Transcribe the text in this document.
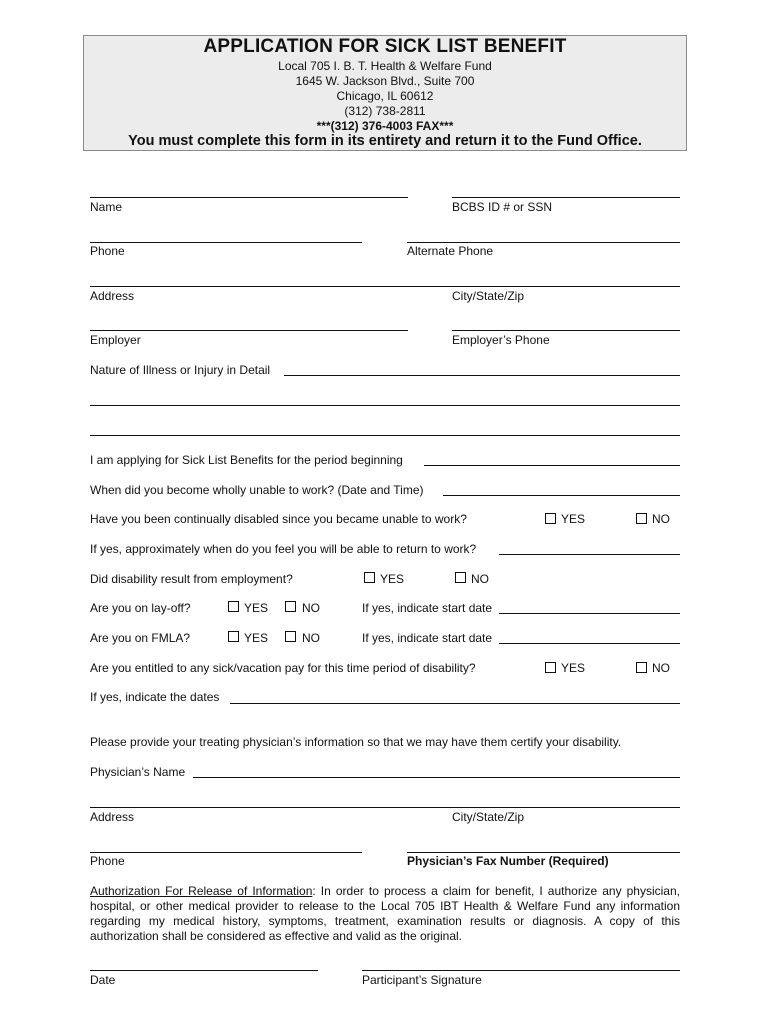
APPLICATION FOR SICK LIST BENEFIT
Local 705 I. B. T. Health & Welfare Fund
1645 W. Jackson Blvd., Suite 700
Chicago, IL 60612
(312) 738-2811
***(312) 376-4003 FAX***
You must complete this form in its entirety and return it to the Fund Office.
Name	BCBS ID # or SSN
Phone	Alternate Phone
Address	City/State/Zip
Employer	Employer’s Phone
Nature of Illness or Injury in Detail
I am applying for Sick List Benefits for the period beginning
When did you become wholly unable to work? (Date and Time)
Have you been continually disabled since you became unable to work?	YES	NO
If yes, approximately when do you feel you will be able to return to work?
Did disability result from employment?	YES	NO
Are you on lay-off?	YES	NO	If yes, indicate start date
Are you on FMLA?	YES	NO	If yes, indicate start date
Are you entitled to any sick/vacation pay for this time period of disability?	YES	NO
If yes, indicate the dates
Please provide your treating physician’s information so that we may have them certify your disability.
Physician’s Name
Address	City/State/Zip
Phone	Physician’s Fax Number (Required)
Authorization For Release of Information: In order to process a claim for benefit, I authorize any physician, hospital, or other medical provider to release to the Local 705 IBT Health & Welfare Fund any information regarding my medical history, symptoms, treatment, examination results or diagnosis. A copy of this authorization shall be considered as effective and valid as the original.
Date	Participant’s Signature
